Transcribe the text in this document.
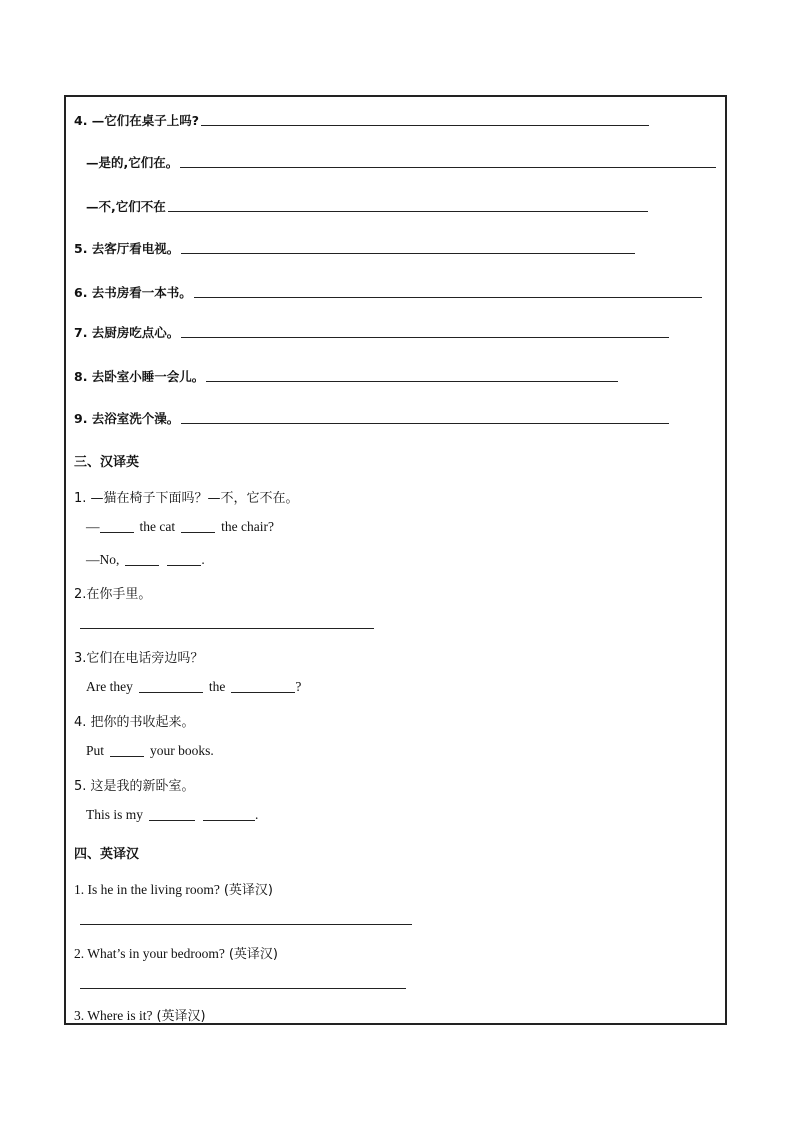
4. —它们在桌子上吗?
—是的,它们在。
—不,它们不在
5. 去客厅看电视。
6. 去书房看一本书。
7. 去厨房吃点心。
8. 去卧室小睡一会儿。
9. 去浴室洗个澡。
三、汉译英
1. —猫在椅子下面吗？—不，它不在。
—	the cat	the chair?
—No,	.
2.在你手里。
3.它们在电话旁边吗？
Are they	the	?
4. 把你的书收起来。
Put	your books.
5. 这是我的新卧室。
This is my	.
四、英译汉
1. Is he in the living room? (英译汉)
2. What’s in your bedroom? (英译汉)
3. Where is it? (英译汉)
